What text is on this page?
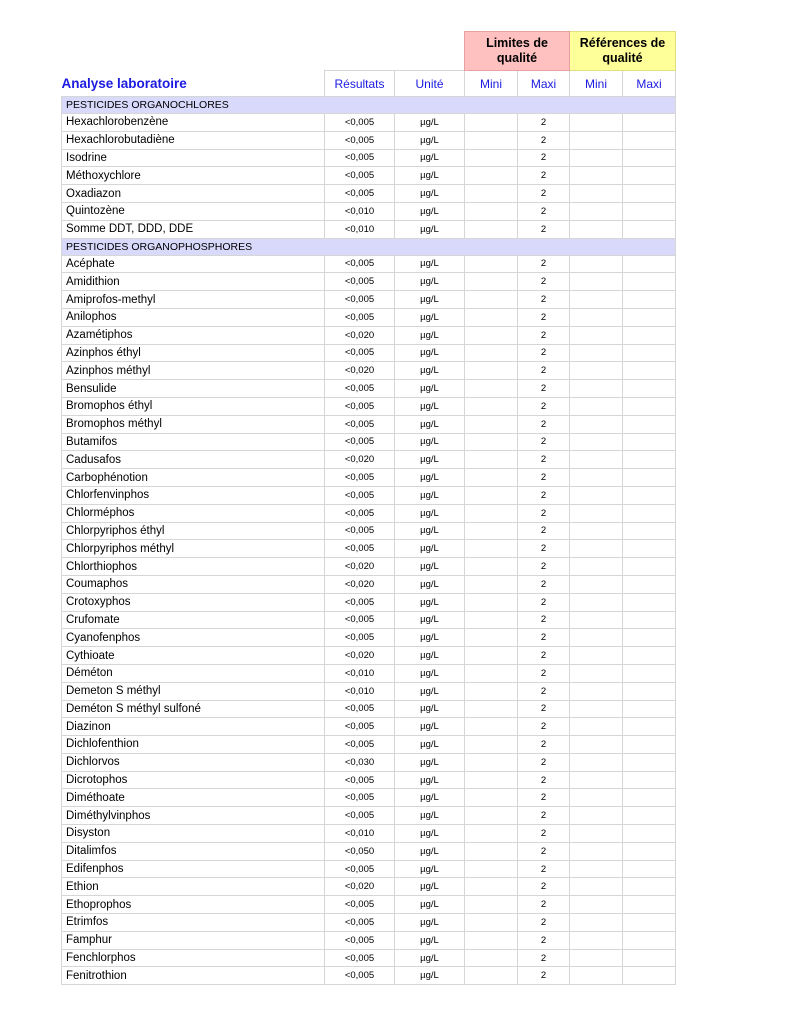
			Limites de qualité		Références de qualité	
Analyse laboratoire	Résultats	Unité	Mini	Maxi	Mini	Maxi
PESTICIDES ORGANOCHLORES						
Hexachlorobenzène	<0,005	µg/L		2		
Hexachlorobutadiène	<0,005	µg/L		2		
Isodrine	<0,005	µg/L		2		
Méthoxychlore	<0,005	µg/L		2		
Oxadiazon	<0,005	µg/L		2		
Quintozène	<0,010	µg/L		2		
Somme DDT, DDD, DDE	<0,010	µg/L		2		
PESTICIDES ORGANOPHOSPHORES						
Acéphate	<0,005	µg/L		2		
Amidithion	<0,005	µg/L		2		
Amiprofos-methyl	<0,005	µg/L		2		
Anilophos	<0,005	µg/L		2		
Azamétiphos	<0,020	µg/L		2		
Azinphos éthyl	<0,005	µg/L		2		
Azinphos méthyl	<0,020	µg/L		2		
Bensulide	<0,005	µg/L		2		
Bromophos éthyl	<0,005	µg/L		2		
Bromophos méthyl	<0,005	µg/L		2		
Butamifos	<0,005	µg/L		2		
Cadusafos	<0,020	µg/L		2		
Carbophénotion	<0,005	µg/L		2		
Chlorfenvinphos	<0,005	µg/L		2		
Chlorméphos	<0,005	µg/L		2		
Chlorpyriphos éthyl	<0,005	µg/L		2		
Chlorpyriphos méthyl	<0,005	µg/L		2		
Chlorthiophos	<0,020	µg/L		2		
Coumaphos	<0,020	µg/L		2		
Crotoxyphos	<0,005	µg/L		2		
Crufomate	<0,005	µg/L		2		
Cyanofenphos	<0,005	µg/L		2		
Cythioate	<0,020	µg/L		2		
Déméton	<0,010	µg/L		2		
Demeton S méthyl	<0,010	µg/L		2		
Deméton S méthyl sulfoné	<0,005	µg/L		2		
Diazinon	<0,005	µg/L		2		
Dichlofenthion	<0,005	µg/L		2		
Dichlorvos	<0,030	µg/L		2		
Dicrotophos	<0,005	µg/L		2		
Diméthoate	<0,005	µg/L		2		
Diméthylvinphos	<0,005	µg/L		2		
Disyston	<0,010	µg/L		2		
Ditalimfos	<0,050	µg/L		2		
Edifenphos	<0,005	µg/L		2		
Ethion	<0,020	µg/L		2		
Ethoprophos	<0,005	µg/L		2		
Etrimfos	<0,005	µg/L		2		
Famphur	<0,005	µg/L		2		
Fenchlorphos	<0,005	µg/L		2		
Fenitrothion	<0,005	µg/L		2		
